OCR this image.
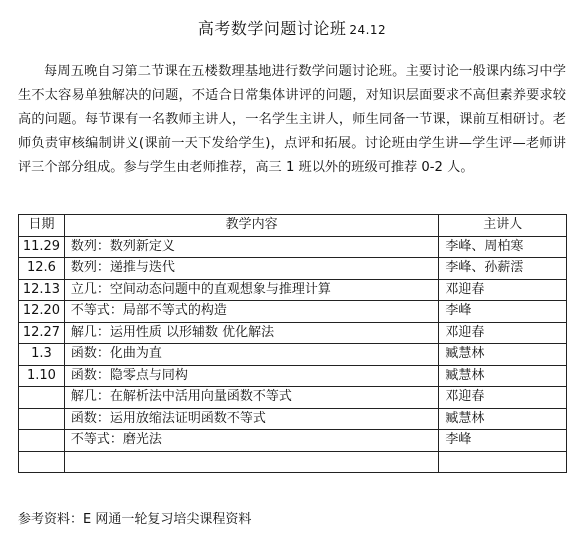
高考数学问题讨论班 24.12
每周五晚自习第二节课在五楼数理基地进行数学问题讨论班。主要讨论一般课内练习中学生不太容易单独解决的问题，不适合日常集体讲评的问题，对知识层面要求不高但素养要求较高的问题。每节课有一名教师主讲人，一名学生主讲人，师生同备一节课，课前互相研讨。老师负责审核编制讲义(课前一天下发给学生)，点评和拓展。讨论班由学生讲—学生评—老师讲评三个部分组成。参与学生由老师推荐，高三 1 班以外的班级可推荐 0-2 人。
日期	教学内容	主讲人
11.29	数列：数列新定义	李峰、周柏寒
12.6	数列：递推与迭代	李峰、孙薪澐
12.13	立几：空间动态问题中的直观想象与推理计算	邓迎春
12.20	不等式：局部不等式的构造	李峰
12.27	解几：运用性质 以形辅数 优化解法	邓迎春
1.3	函数：化曲为直	臧慧林
1.10	函数：隐零点与同构	臧慧林
	解几：在解析法中活用向量函数不等式	邓迎春
	函数：运用放缩法证明函数不等式	臧慧林
	不等式：磨光法	李峰

参考资料：E 网通一轮复习培尖课程资料
